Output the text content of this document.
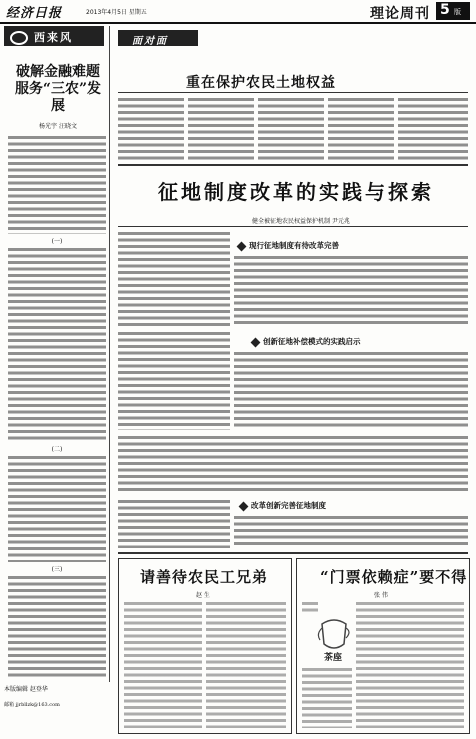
经济日报	2013年4月5日 星期五	理论周刊 5 版
西来风
破解金融难题服务“三农”发展
杨光宇 汪晓文
(一)
(二)
(三)
本版编辑 赵登华
邮箱 jjrbllzk@163.com
面对面
重在保护农民土地权益
征地制度改革的实践与探索
健全被征地农民权益保护机制 尹元兆
现行征地制度有待改革完善
创新征地补偿模式的实践启示
改革创新完善征地制度
请善待农民工兄弟
赵 生
“门票依赖症”要不得
张 伟
茶座
